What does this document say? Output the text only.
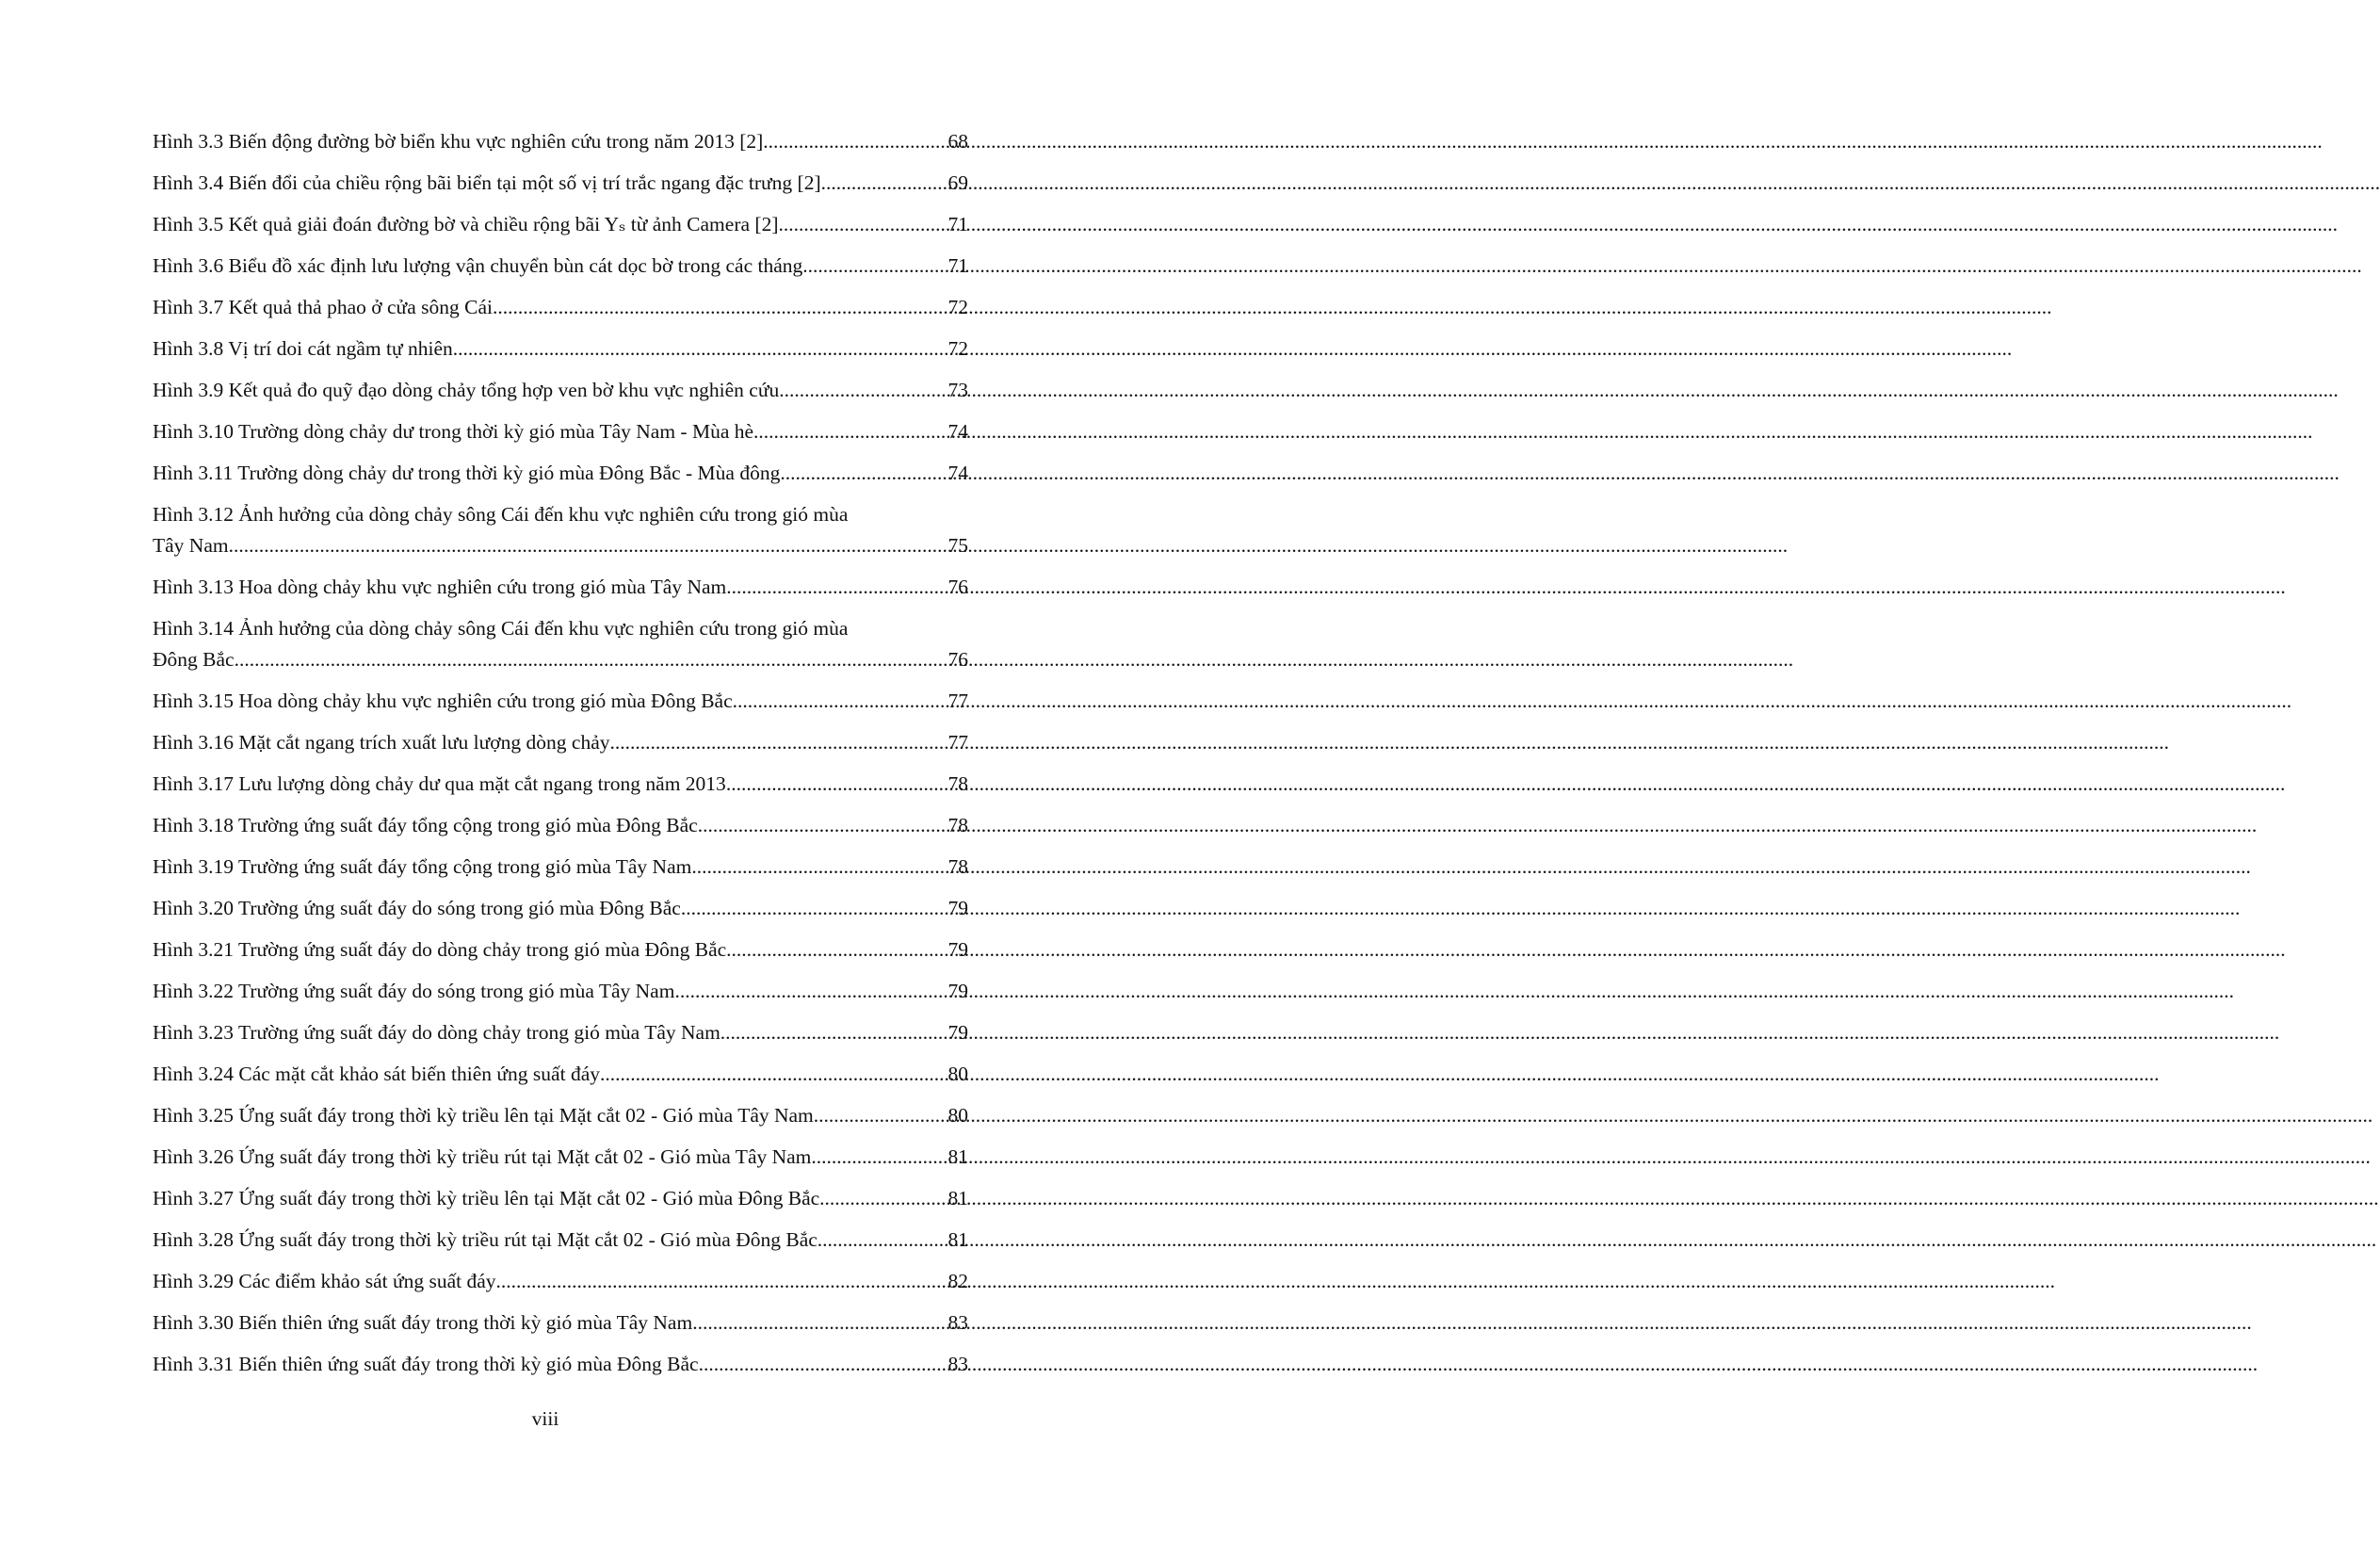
Hình 3.3 Biến động đường bờ biển khu vực nghiên cứu trong năm 2013 [2] .....	68
Hình 3.4 Biến đổi của chiều rộng bãi biển tại một số vị trí trắc ngang đặc trưng [2] .....	69
Hình 3.5 Kết quả giải đoán đường bờ và chiều rộng bãi Yₛ từ ảnh Camera [2] .....	71
Hình 3.6 Biểu đồ xác định lưu lượng vận chuyển bùn cát dọc bờ trong các tháng .....	71
Hình 3.7 Kết quả thả phao ở cửa sông Cái .....	72
Hình 3.8 Vị trí doi cát ngầm tự nhiên .....	72
Hình 3.9 Kết quả đo quỹ đạo dòng chảy tổng hợp ven bờ khu vực nghiên cứu .....	73
Hình 3.10 Trường dòng chảy dư trong thời kỳ gió mùa Tây Nam - Mùa hè .....	74
Hình 3.11 Trường dòng chảy dư trong thời kỳ gió mùa Đông Bắc - Mùa đông .....	74
Hình 3.12 Ảnh hưởng của dòng chảy sông Cái đến khu vực nghiên cứu trong gió mùa
Tây Nam .....	75
Hình 3.13 Hoa dòng chảy khu vực nghiên cứu trong gió mùa Tây Nam .....	76
Hình 3.14 Ảnh hưởng của dòng chảy sông Cái đến khu vực nghiên cứu trong gió mùa
Đông Bắc .....	76
Hình 3.15 Hoa dòng chảy khu vực nghiên cứu trong gió mùa Đông Bắc .....	77
Hình 3.16 Mặt cắt ngang trích xuất lưu lượng dòng chảy .....	77
Hình 3.17 Lưu lượng dòng chảy dư qua mặt cắt ngang trong năm 2013 .....	78
Hình 3.18 Trường ứng suất đáy tổng cộng trong gió mùa Đông Bắc .....	78
Hình 3.19 Trường ứng suất đáy tổng cộng trong gió mùa Tây Nam .....	78
Hình 3.20 Trường ứng suất đáy do sóng trong gió mùa Đông Bắc .....	79
Hình 3.21 Trường ứng suất đáy do dòng chảy trong gió mùa Đông Bắc .....	79
Hình 3.22 Trường ứng suất đáy do sóng trong gió mùa Tây Nam .....	79
Hình 3.23 Trường ứng suất đáy do dòng chảy trong gió mùa Tây Nam .....	79
Hình 3.24 Các mặt cắt khảo sát biến thiên ứng suất đáy .....	80
Hình 3.25 Ứng suất đáy trong thời kỳ triều lên tại Mặt cắt 02 - Gió mùa Tây Nam .....	80
Hình 3.26 Ứng suất đáy trong thời kỳ triều rút tại Mặt cắt 02 - Gió mùa Tây Nam .....	81
Hình 3.27 Ứng suất đáy trong thời kỳ triều lên tại Mặt cắt 02 - Gió mùa Đông Bắc .....	81
Hình 3.28 Ứng suất đáy trong thời kỳ triều rút tại Mặt cắt 02 - Gió mùa Đông Bắc .....	81
Hình 3.29 Các điểm khảo sát ứng suất đáy .....	82
Hình 3.30 Biến thiên ứng suất đáy trong thời kỳ gió mùa Tây Nam .....	83
Hình 3.31 Biến thiên ứng suất đáy trong thời kỳ gió mùa Đông Bắc .....	83
viii
